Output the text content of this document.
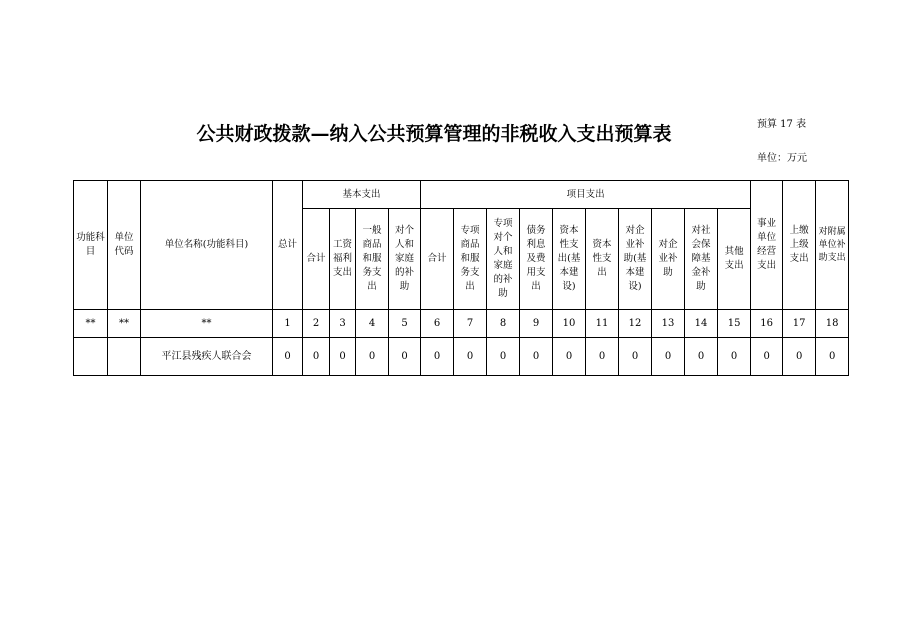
预算 17 表
公共财政拨款—纳入公共预算管理的非税收入支出预算表
单位：万元
功能科目	单位代码	单位名称(功能科目)	总计	基本支出				项目支出										事业单位经营支出	上缴上级支出	对附属单位补助支出
				合计	工资福利支出	一般商品和服务支出	对个人和家庭的补助	合计	专项商品和服务支出	专项对个人和家庭的补助	债务利息及费用支出	资本性支出(基本建设)	资本性支出	对企业补助(基本建设)	对企业补助	对社会保障基金补助	其他支出			
**	**	**	1	2	3	4	5	6	7	8	9	10	11	12	13	14	15	16	17	18
		平江县残疾人联合会	0	0	0	0	0	0	0	0	0	0	0	0	0	0	0	0	0	0
